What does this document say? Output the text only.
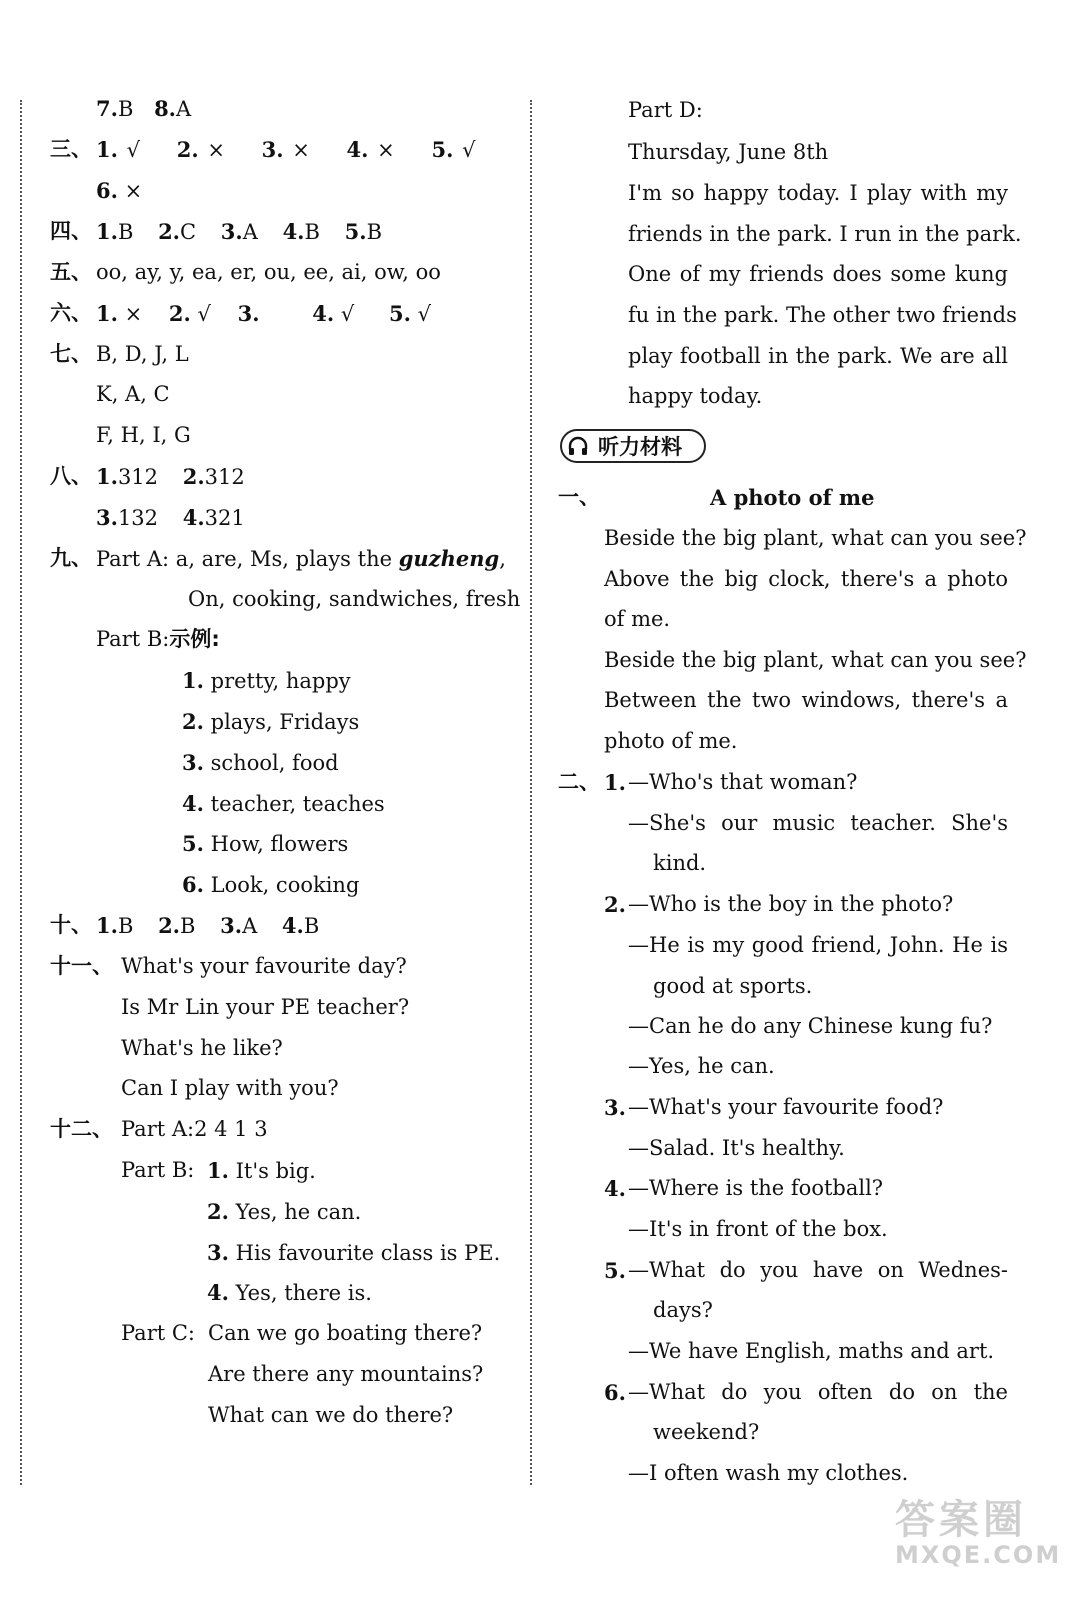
7.B 8.A
三、 1. √ 2. × 3. × 4. × 5. √
6. ×
四、 1.B 2.C 3.A 4.B 5.B
五、 oo, ay, y, ea, er, ou, ee, ai, ow, oo
六、 1. × 2. √ 3.	4. √ 5. √
七、 B, D, J, L
K, A, C
F, H, I, G
八、 1.312 2.312
3.132 4.321
九、 Part A: a, are, Ms, plays the guzheng,
On, cooking, sandwiches, fresh
Part B:示例:
1. pretty, happy
2. plays, Fridays
3. school, food
4. teacher, teaches
5. How, flowers
6. Look, cooking
十、 1.B 2.B 3.A 4.B
十一、 What's your favourite day?
Is Mr Lin your PE teacher?
What's he like?
Can I play with you?
十二、 Part A:2 4 1 3
Part B: 1. It's big.
2. Yes, he can.
3. His favourite class is PE.
4. Yes, there is.
Part C: Can we go boating there?
Are there any mountains?
What can we do there?
Part D:
Thursday, June 8th
I'm so happy today. I play with my
friends in the park. I run in the park.
One of my friends does some kung
fu in the park. The other two friends
play football in the park. We are all
happy today.
听力材料
一、	A photo of me
Beside the big plant, what can you see?
Above the big clock, there's a photo
of me.
Beside the big plant, what can you see?
Between the two windows, there's a
photo of me.
二、 1. —Who's that woman?
—She's our music teacher. She's
kind.
2. —Who is the boy in the photo?
—He is my good friend, John. He is
good at sports.
—Can he do any Chinese kung fu?
—Yes, he can.
3. —What's your favourite food?
—Salad. It's healthy.
4. —Where is the football?
—It's in front of the box.
5. —What do you have on Wednes-
days?
—We have English, maths and art.
6. —What do you often do on the
weekend?
—I often wash my clothes.
答案圈
MXQE.COM
